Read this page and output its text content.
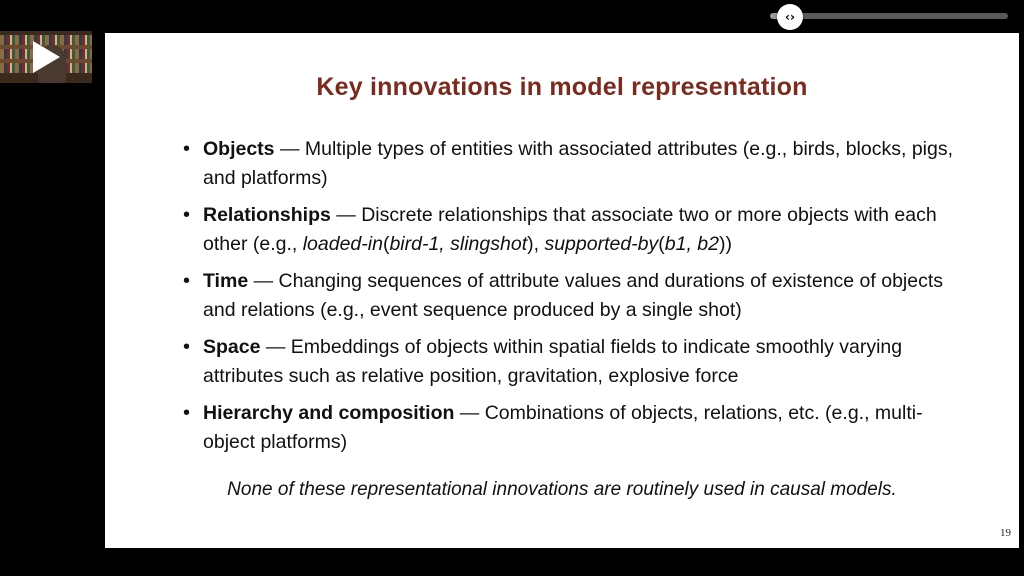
‹›
Key innovations in model representation
• Objects — Multiple types of entities with associated attributes (e.g., birds, blocks, pigs, and platforms)
• Relationships — Discrete relationships that associate two or more objects with each other (e.g., loaded-in(bird-1, slingshot), supported-by(b1, b2))
• Time — Changing sequences of attribute values and durations of existence of objects and relations (e.g., event sequence produced by a single shot)
• Space — Embeddings of objects within spatial fields to indicate smoothly varying attributes such as relative position, gravitation, explosive force
• Hierarchy and composition — Combinations of objects, relations, etc. (e.g., multi-object platforms)
None of these representational innovations are routinely used in causal models.
19
